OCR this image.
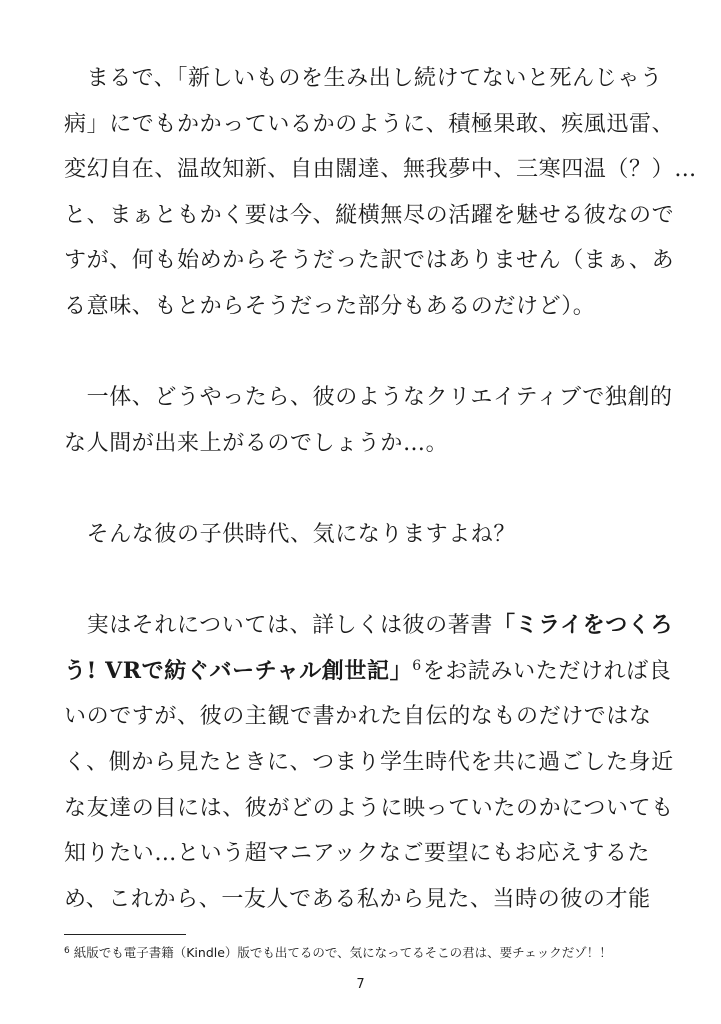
　まるで、「新しいものを生み出し続けてないと死んじゃう
病」にでもかかっているかのように、積極果敢、疾風迅雷、
変幻自在、温故知新、自由闊達、無我夢中、三寒四温（？）…
と、まぁともかく要は今、縦横無尽の活躍を魅せる彼なので
すが、何も始めからそうだった訳ではありません（まぁ、あ
る意味、もとからそうだった部分もあるのだけど）。
　一体、どうやったら、彼のようなクリエイティブで独創的
な人間が出来上がるのでしょうか…。
　そんな彼の子供時代、気になりますよね？
　実はそれについては、詳しくは彼の著書「ミライをつくろ
う! VRで紡ぐバーチャル創世記」$^6$をお読みいただければ良
いのですが、彼の主観で書かれた自伝的なものだけではな
く、側から見たときに、つまり学生時代を共に過ごした身近
な友達の目には、彼がどのように映っていたのかについても
知りたい…という超マニアックなご要望にもお応えするた
め、これから、一友人である私から見た、当時の彼の才能
$^6$ 紙版でも電子書籍（Kindle）版でも出てるので、気になってるそこの君は、要チェックだゾ！！
7
